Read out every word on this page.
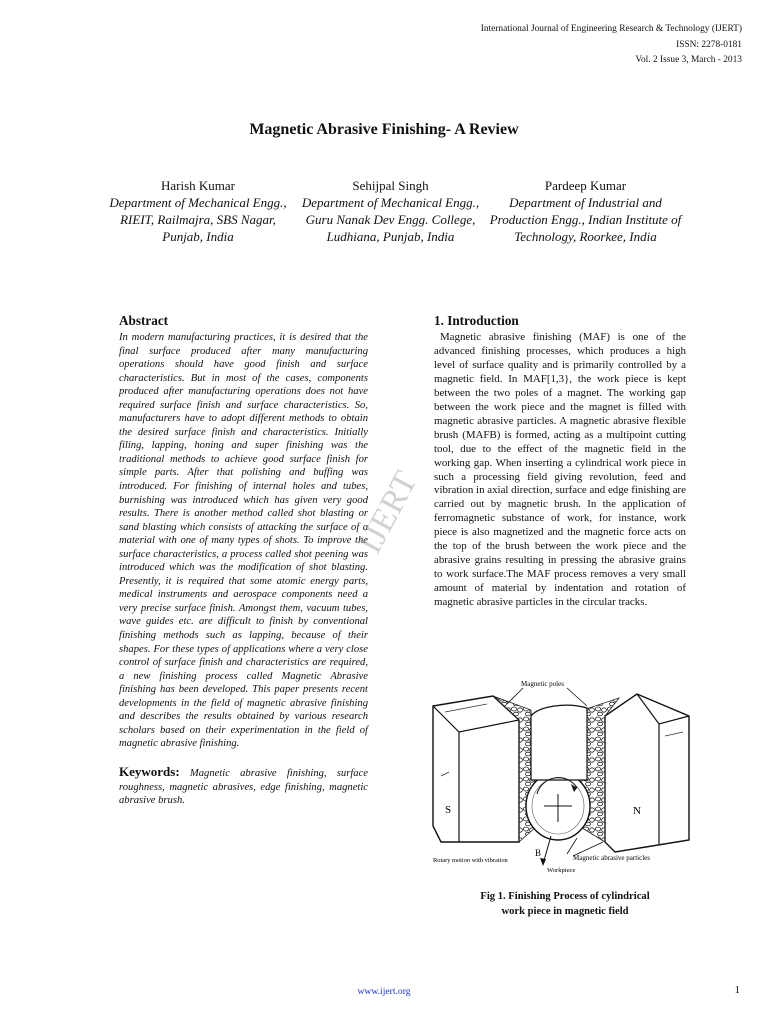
International Journal of Engineering Research & Technology (IJERT)
ISSN: 2278-0181
Vol. 2 Issue 3, March - 2013
Magnetic Abrasive Finishing- A Review
Harish Kumar
Department of Mechanical Engg., RIEIT, Railmajra, SBS Nagar, Punjab, India
Sehijpal Singh
Department of Mechanical Engg., Guru Nanak Dev Engg. College, Ludhiana, Punjab, India
Pardeep Kumar
Department of Industrial and Production Engg., Indian Institute of Technology, Roorkee, India
Abstract

In modern manufacturing practices, it is desired that the final surface produced after many manufacturing operations should have good finish and surface characteristics. But in most of the cases, components produced after manufacturing operations does not have required surface finish and surface characteristics. So, manufacturers have to adopt different methods to obtain the desired surface finish and characteristics. Initially filing, lapping, honing and super finishing was the traditional methods to achieve good surface finish for simple parts. After that polishing and buffing was introduced. For finishing of internal holes and tubes, burnishing was introduced which has given very good results. There is another method called shot blasting or sand blasting which consists of attacking the surface of a material with one of many types of shots. To improve the surface characteristics, a process called shot peening was introduced which was the modification of shot blasting. Presently, it is required that some atomic energy parts, medical instruments and aerospace components need a very precise surface finish. Amongst them, vacuum tubes, wave guides etc. are difficult to finish by conventional finishing methods such as lapping, because of their shapes. For these types of applications where a very close control of surface finish and characteristics are required, a new finishing process called Magnetic Abrasive finishing has been developed. This paper presents recent developments in the field of magnetic abrasive finishing and describes the results obtained by various research scholars based on their experimentation in the field of magnetic abrasive finishing.

Keywords: Magnetic abrasive finishing, surface roughness, magnetic abrasives, edge finishing, magnetic abrasive brush.
IJERT
1. Introduction

Magnetic abrasive finishing (MAF) is one of the advanced finishing processes, which produces a high level of surface quality and is primarily controlled by a magnetic field. In MAF[1,3}, the work piece is kept between the two poles of a magnet. The working gap between the work piece and the magnet is filled with magnetic abrasive particles. A magnetic abrasive flexible brush (MAFB) is formed, acting as a multipoint cutting tool, due to the effect of the magnetic field in the working gap. When inserting a cylindrical work piece in such a processing field giving revolution, feed and vibration in axial direction, surface and edge finishing are carried out by magnetic brush. In the application of ferromagnetic substance of work, for instance, work piece is also magnetized and the magnetic force acts on the top of the brush between the work piece and the abrasive grains resulting in pressing the abrasive grains to work surface.The MAF process removes a very small amount of material by indentation and rotation of magnetic abrasive particles in the circular tracks.

Magnetic poles
S	N
B
Rotary motion with vibration
Workpiece
Magnetic abrasive particles
Fig 1. Finishing Process of cylindrical
work piece in magnetic field
www.ijert.org	1
